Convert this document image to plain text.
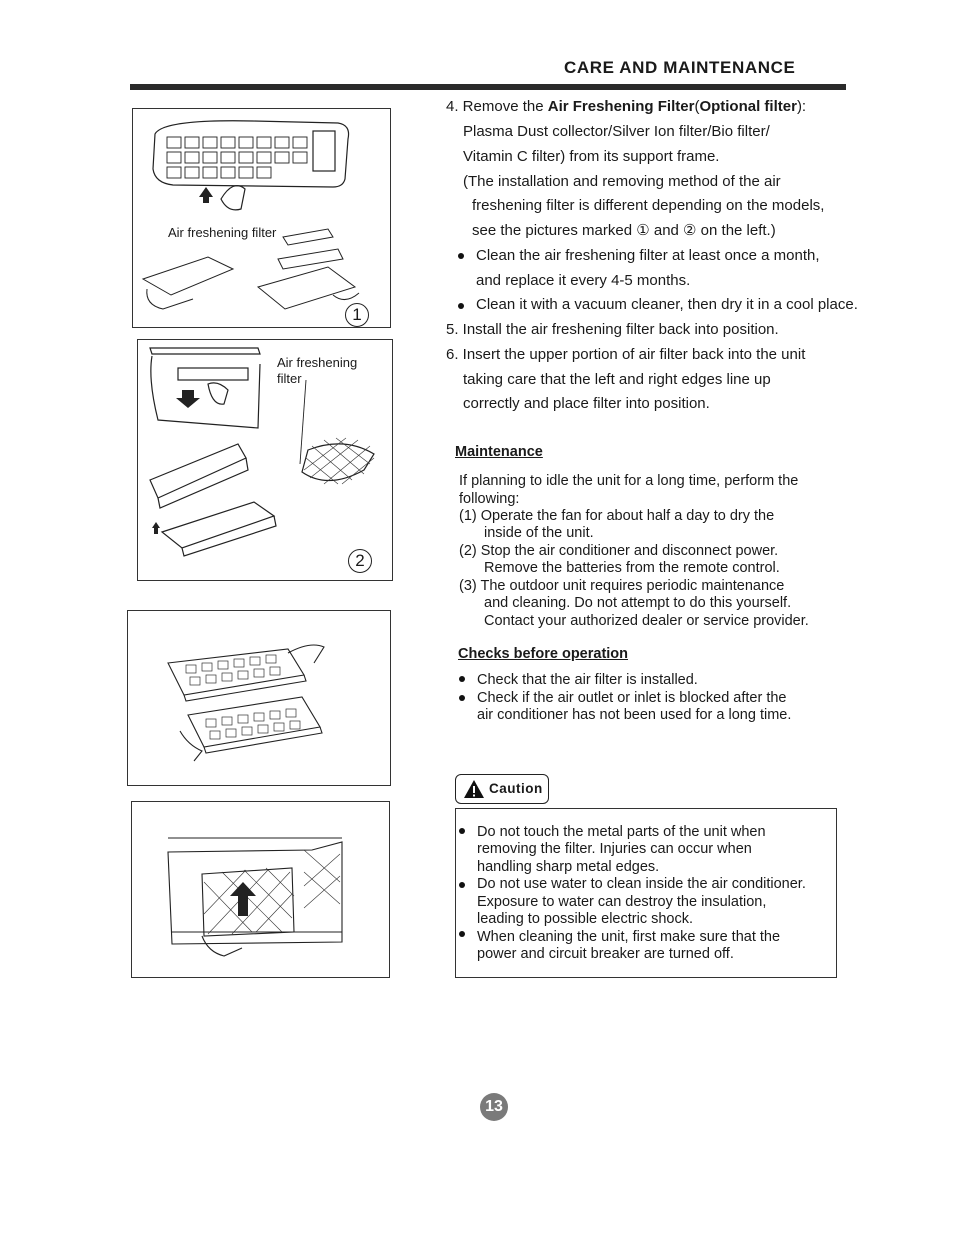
CARE AND MAINTENANCE
Air freshening filter
1
Air freshening
filter
2
4. Remove the Air Freshening Filter(Optional filter):
Plasma Dust collector/Silver Ion filter/Bio filter/
Vitamin C filter) from its support frame.
(The installation and removing method of the air
freshening filter is different depending on the models,
see the pictures marked ① and ② on the left.)
Clean the air freshening filter at least once a month,
and replace it every 4-5 months.
Clean it with a vacuum cleaner, then dry it in a cool place.
5. Install the air freshening filter back into position.
6. Insert the upper portion of air filter back into the unit
taking care that the left and right edges line up
correctly and place filter into position.
Maintenance
If planning to idle the unit for a long time, perform the
following:
(1) Operate the fan for about half a day to dry the
inside of the unit.
(2) Stop the air conditioner and disconnect power.
Remove the batteries from the remote control.
(3) The outdoor unit requires periodic maintenance
and cleaning. Do not attempt to do this yourself.
Contact your authorized dealer or service provider.
Checks before operation
Check that the air filter is installed.
Check if the air outlet or inlet is blocked after the
air conditioner has not been used for a long time.
Caution
Do not touch the metal parts of the unit when
removing the filter. Injuries can occur when
handling sharp metal edges.
Do not use water to clean inside the air conditioner.
Exposure to water can destroy the insulation,
leading to possible electric shock.
When cleaning the unit, first make sure that the
power and circuit breaker are turned off.
13
